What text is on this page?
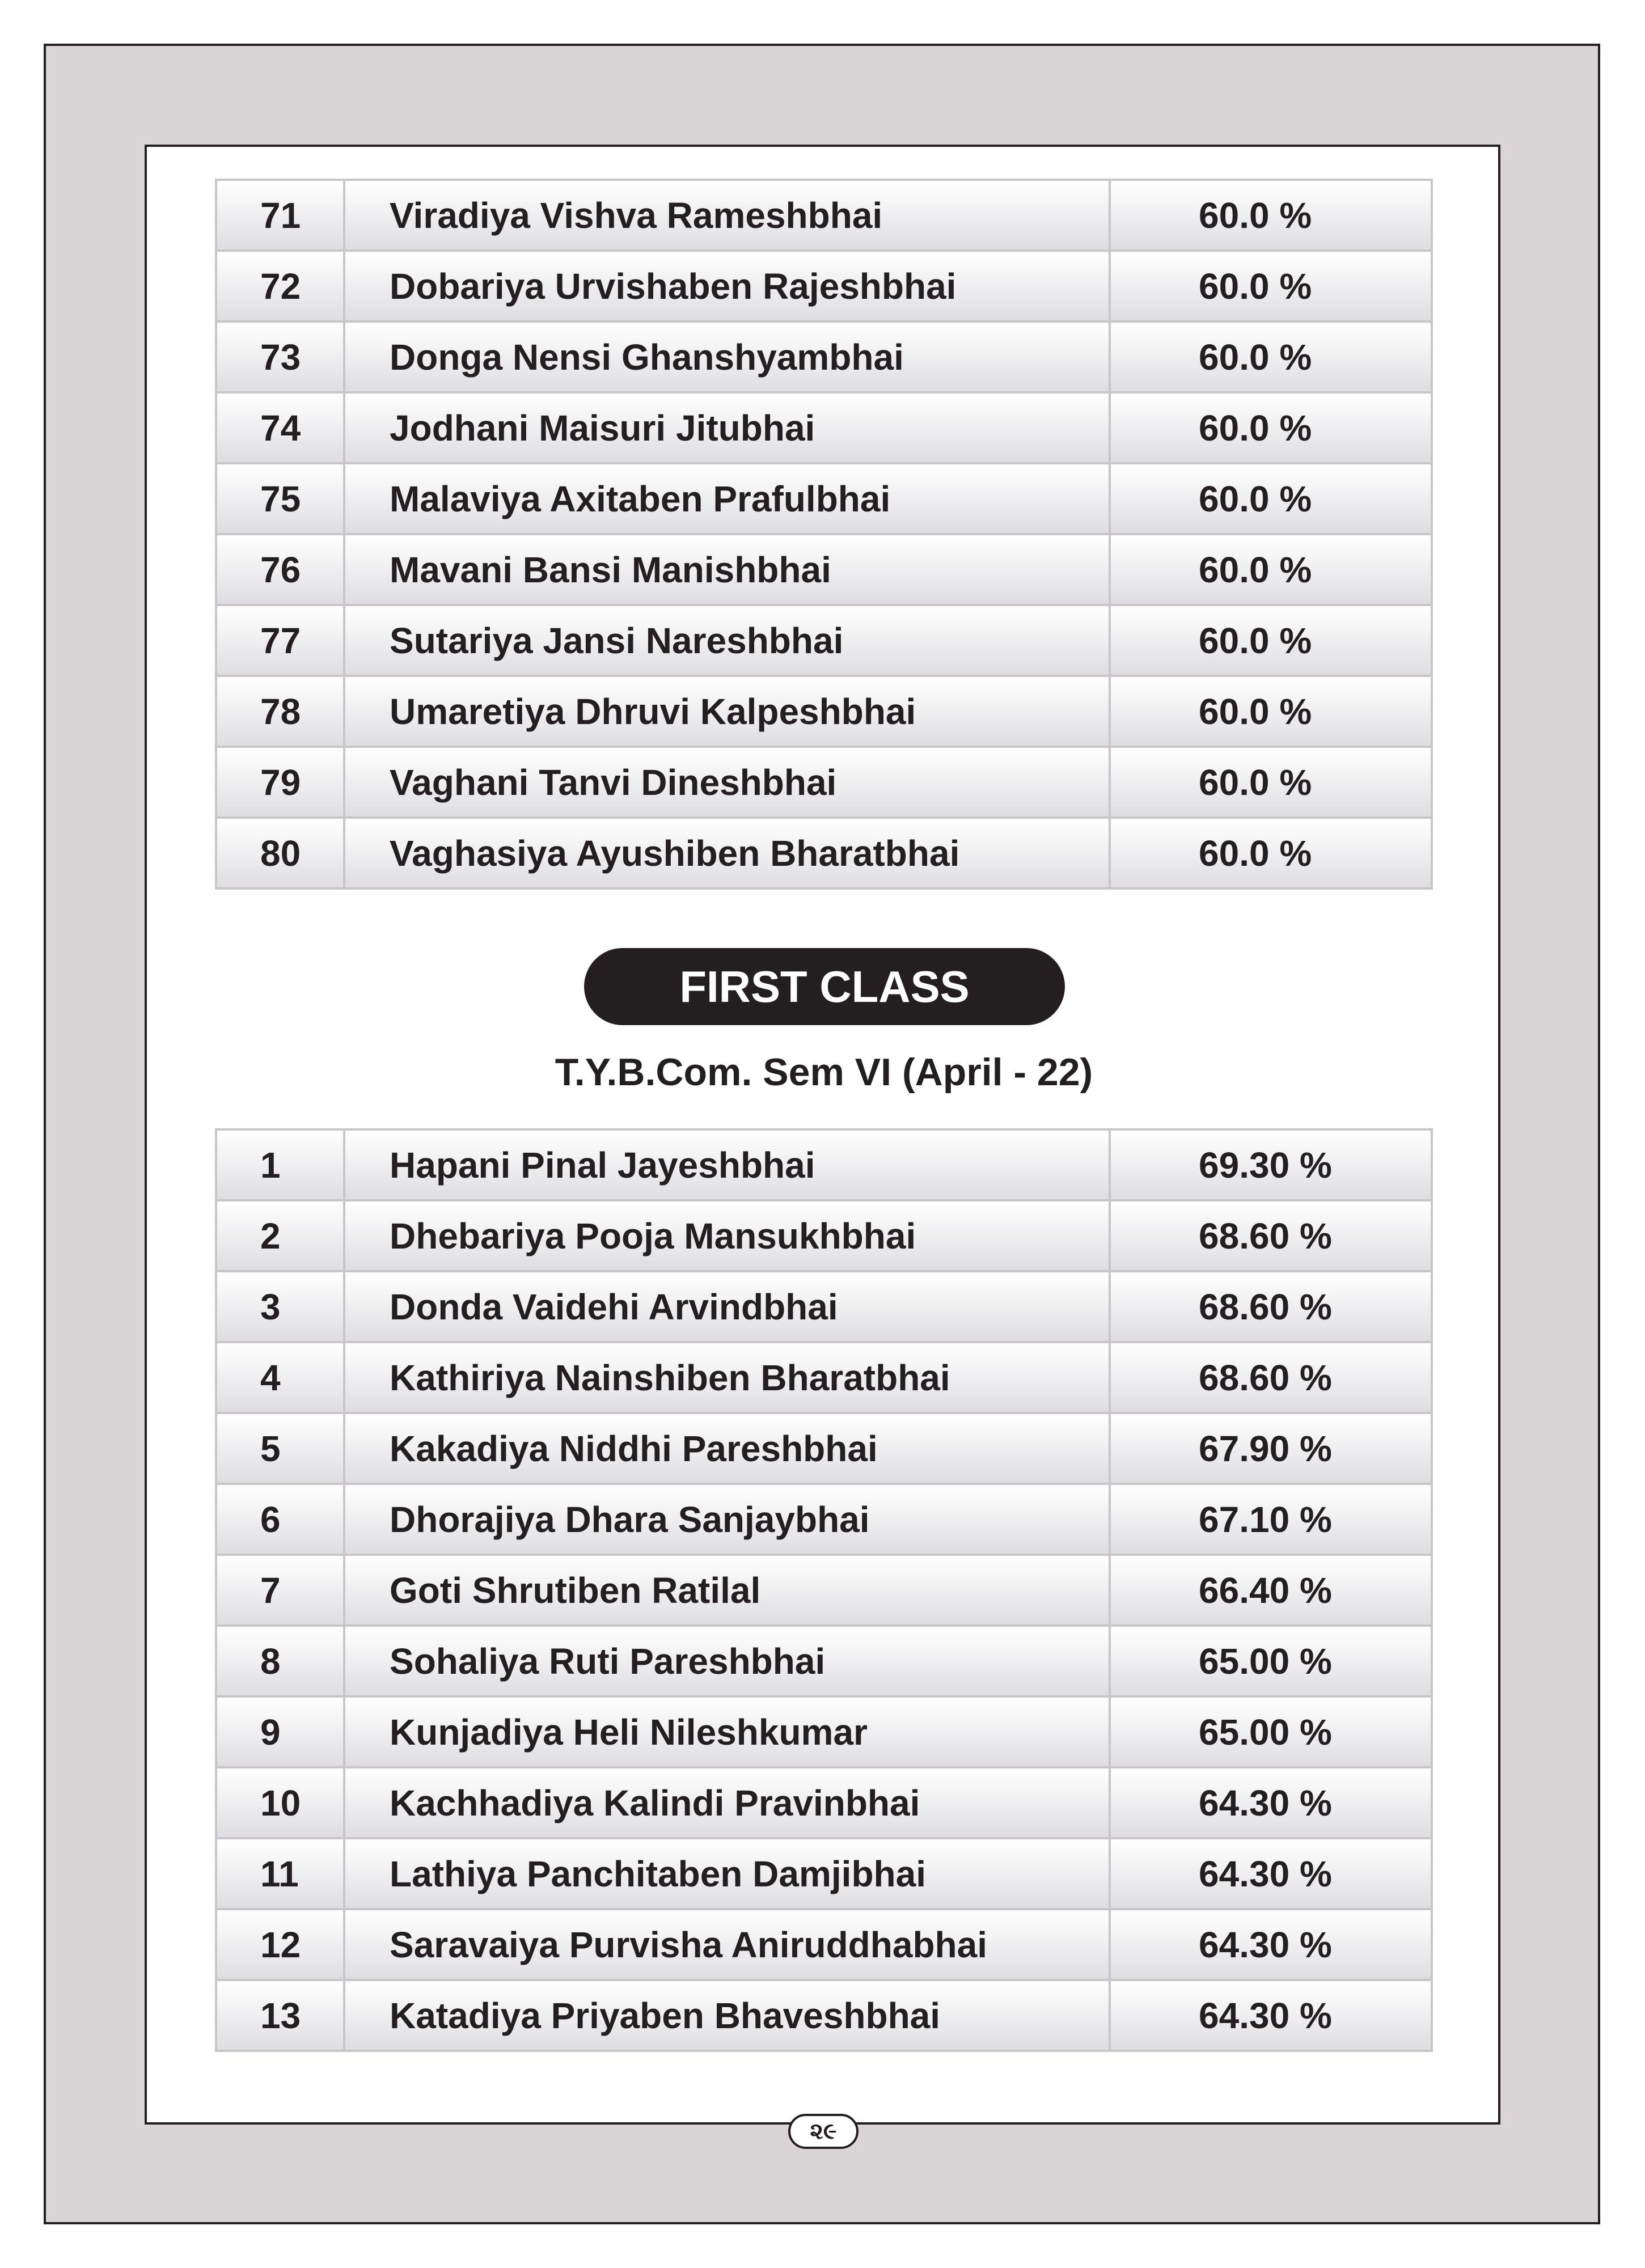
71	Viradiya Vishva Rameshbhai	60.0 %
72	Dobariya Urvishaben Rajeshbhai	60.0 %
73	Donga Nensi Ghanshyambhai	60.0 %
74	Jodhani Maisuri Jitubhai	60.0 %
75	Malaviya Axitaben Prafulbhai	60.0 %
76	Mavani Bansi Manishbhai	60.0 %
77	Sutariya Jansi Nareshbhai	60.0 %
78	Umaretiya Dhruvi Kalpeshbhai	60.0 %
79	Vaghani Tanvi Dineshbhai	60.0 %
80	Vaghasiya Ayushiben Bharatbhai	60.0 %
FIRST CLASS
T.Y.B.Com. Sem VI (April - 22)
1	Hapani Pinal Jayeshbhai	69.30 %
2	Dhebariya Pooja Mansukhbhai	68.60 %
3	Donda Vaidehi Arvindbhai	68.60 %
4	Kathiriya Nainshiben Bharatbhai	68.60 %
5	Kakadiya Niddhi Pareshbhai	67.90 %
6	Dhorajiya Dhara Sanjaybhai	67.10 %
7	Goti Shrutiben Ratilal	66.40 %
8	Sohaliya Ruti Pareshbhai	65.00 %
9	Kunjadiya Heli Nileshkumar	65.00 %
10	Kachhadiya Kalindi Pravinbhai	64.30 %
11	Lathiya Panchitaben Damjibhai	64.30 %
12	Saravaiya Purvisha Aniruddhabhai	64.30 %
13	Katadiya Priyaben Bhaveshbhai	64.30 %
૨૯
